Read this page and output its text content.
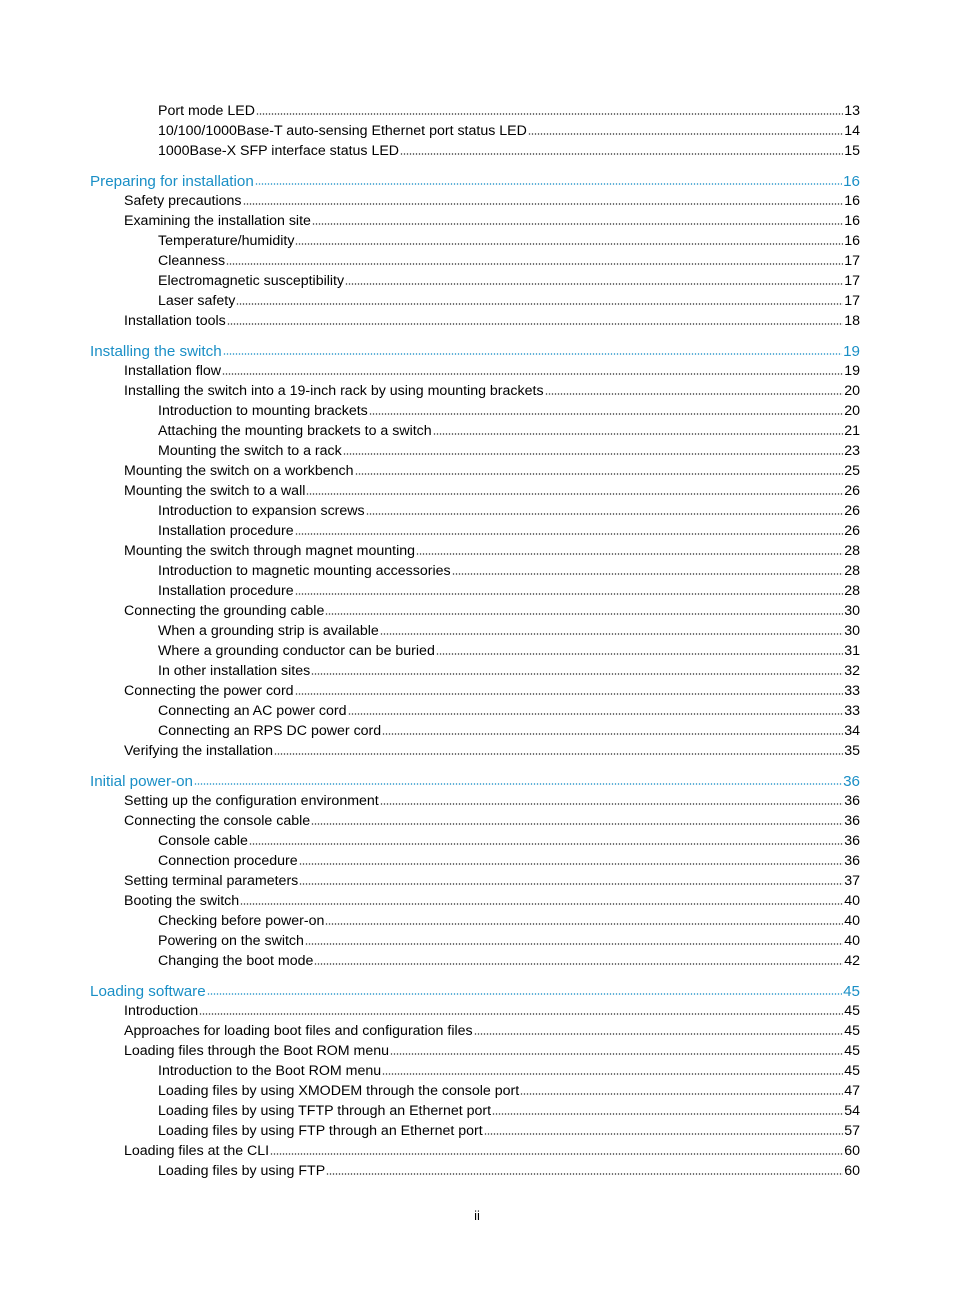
Port mode LED	13
10/100/1000Base-T auto-sensing Ethernet port status LED	14
1000Base-X SFP interface status LED	15
Preparing for installation	16
Safety precautions	16
Examining the installation site	16
Temperature/humidity	16
Cleanness	17
Electromagnetic susceptibility	17
Laser safety	17
Installation tools	18
Installing the switch	19
Installation flow	19
Installing the switch into a 19-inch rack by using mounting brackets	20
Introduction to mounting brackets	20
Attaching the mounting brackets to a switch	21
Mounting the switch to a rack	23
Mounting the switch on a workbench	25
Mounting the switch to a wall	26
Introduction to expansion screws	26
Installation procedure	26
Mounting the switch through magnet mounting	28
Introduction to magnetic mounting accessories	28
Installation procedure	28
Connecting the grounding cable	30
When a grounding strip is available	30
Where a grounding conductor can be buried	31
In other installation sites	32
Connecting the power cord	33
Connecting an AC power cord	33
Connecting an RPS DC power cord	34
Verifying the installation	35
Initial power-on	36
Setting up the configuration environment	36
Connecting the console cable	36
Console cable	36
Connection procedure	36
Setting terminal parameters	37
Booting the switch	40
Checking before power-on	40
Powering on the switch	40
Changing the boot mode	42
Loading software	45
Introduction	45
Approaches for loading boot files and configuration files	45
Loading files through the Boot ROM menu	45
Introduction to the Boot ROM menu	45
Loading files by using XMODEM through the console port	47
Loading files by using TFTP through an Ethernet port	54
Loading files by using FTP through an Ethernet port	57
Loading files at the CLI	60
Loading files by using FTP	60
ii
